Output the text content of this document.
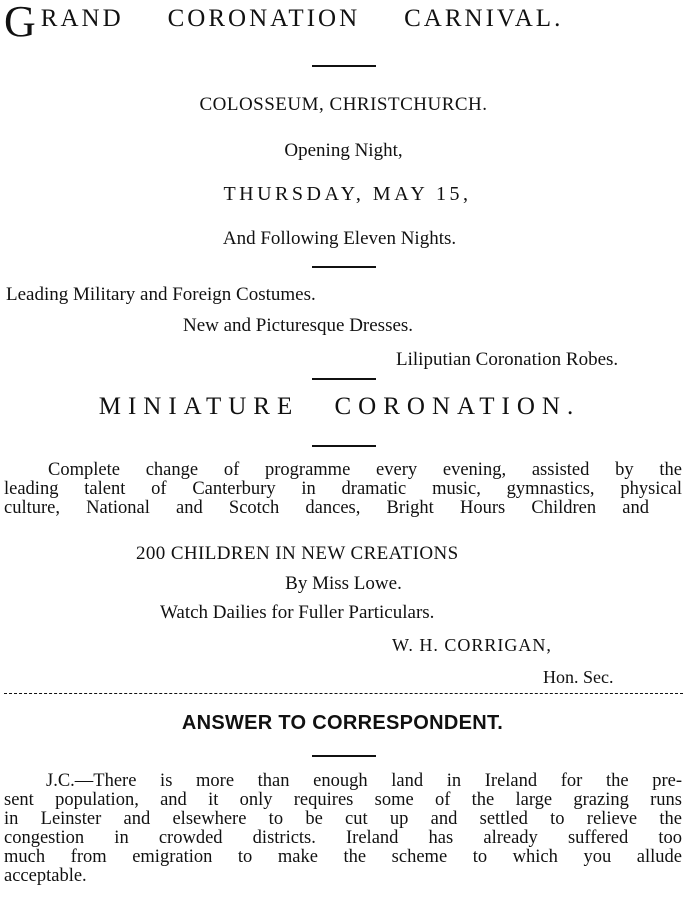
GRAND CORONATION CARNIVAL.
COLOSSEUM, CHRISTCHURCH.
Opening Night,
THURSDAY, MAY 15,
And Following Eleven Nights.
Leading Military and Foreign Costumes.
New and Picturesque Dresses.
Liliputian Coronation Robes.
MINIATURE CORONATION.
Complete change of programme every evening, assisted by the
leading talent of Canterbury in dramatic music, gymnastics, physical
culture, National and Scotch dances, Bright Hours Children and
200 CHILDREN IN NEW CREATIONS
By Miss Lowe.
Watch Dailies for Fuller Particulars.
W. H. CORRIGAN,
Hon. Sec.
ANSWER TO CORRESPONDENT.
J.C.—There is more than enough land in Ireland for the pre-
sent population, and it only requires some of the large grazing runs
in Leinster and elsewhere to be cut up and settled to relieve the
congestion in crowded districts. Ireland has already suffered too
much from emigration to make the scheme to which you allude
acceptable.
